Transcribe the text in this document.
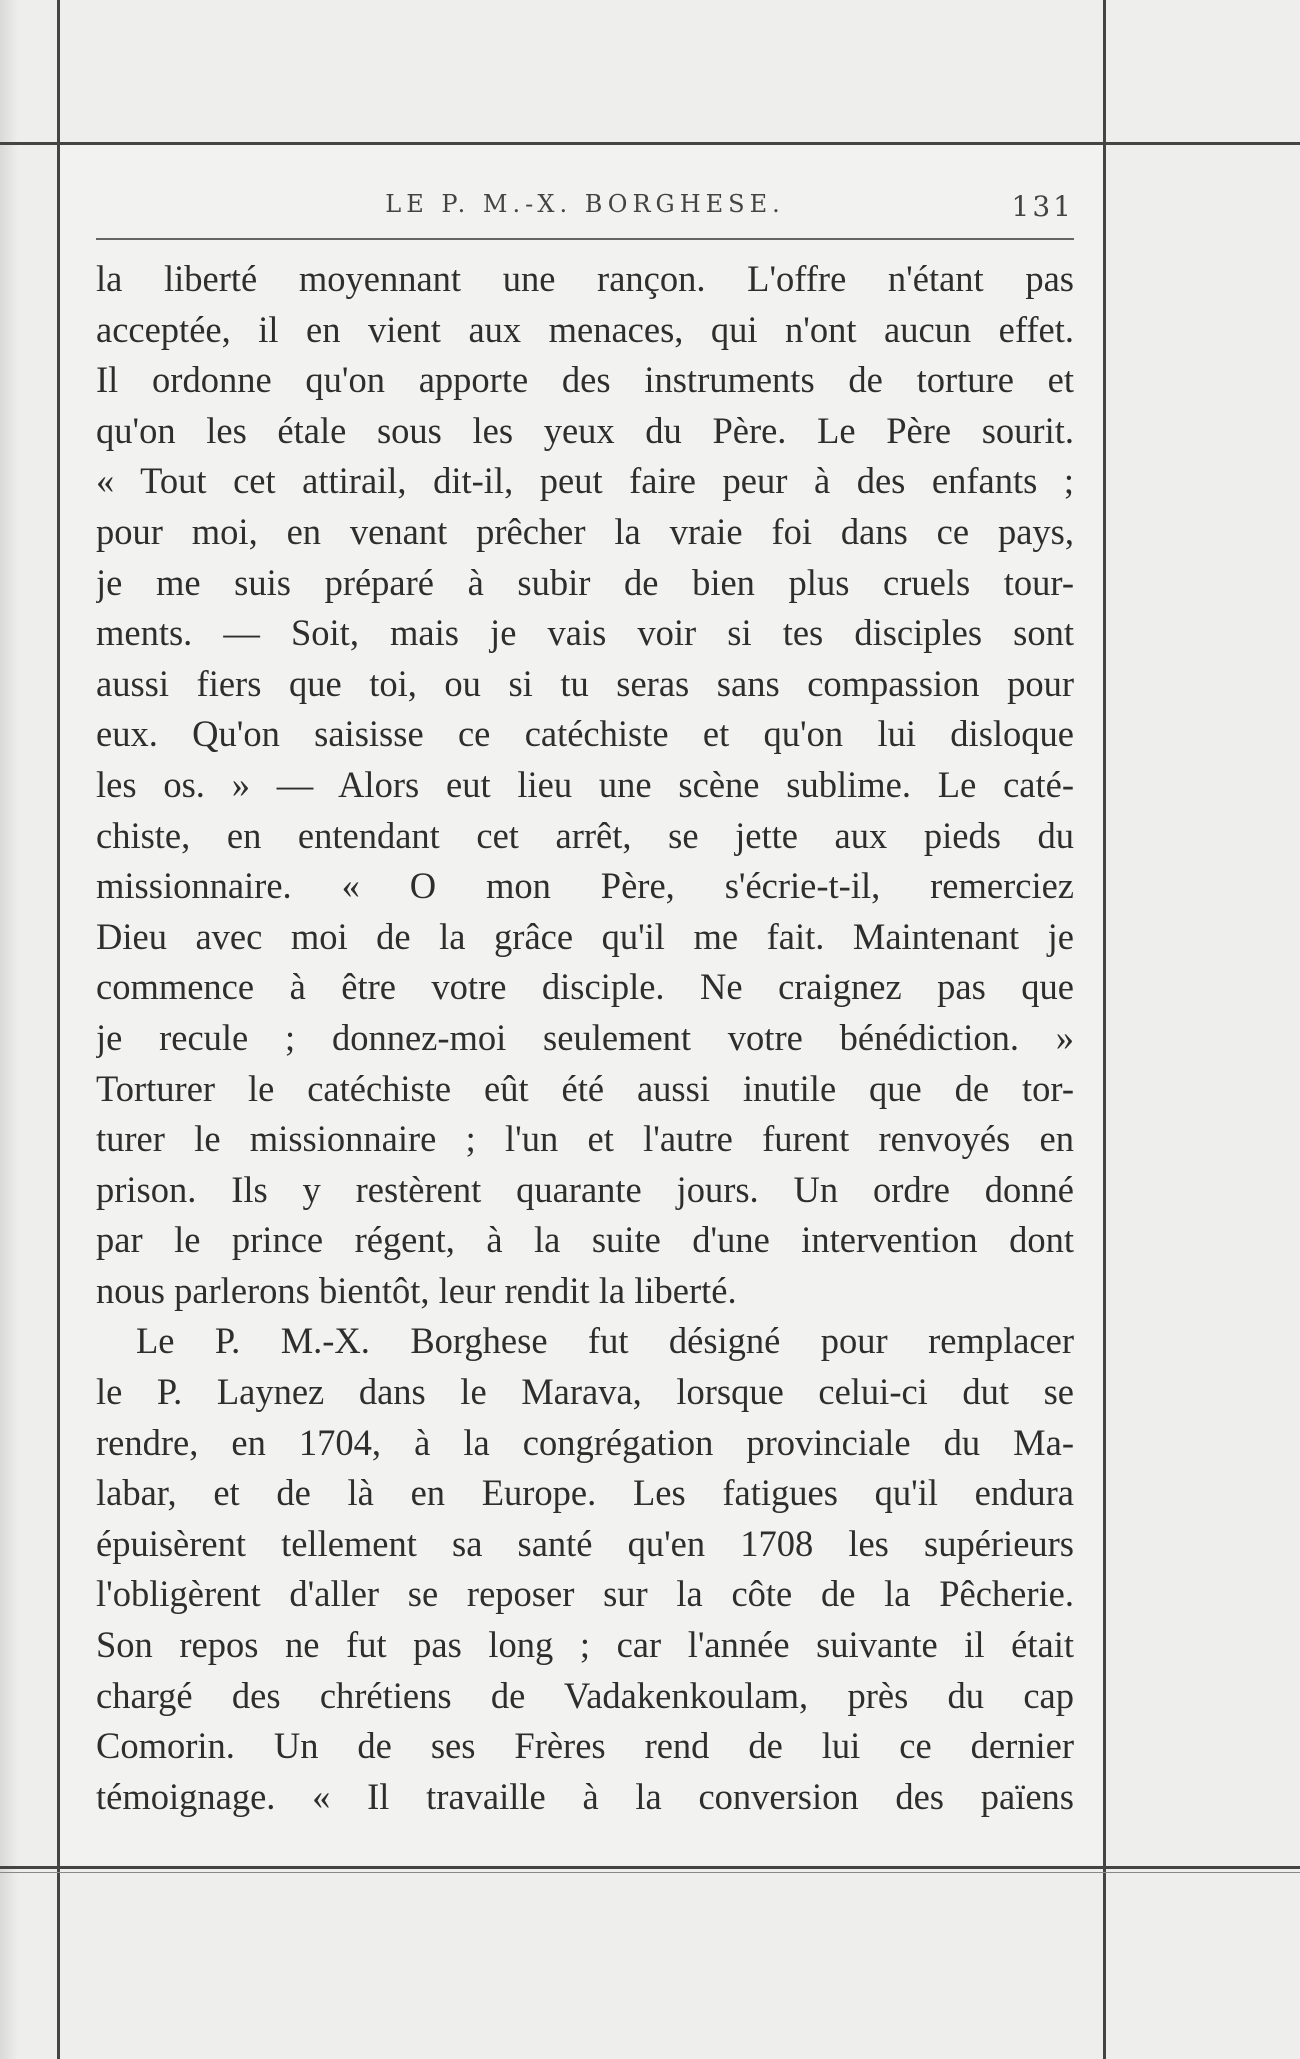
LE P. M.-X. BORGHESE.	131
la liberté moyennant une rançon. L'offre n'étant pas
acceptée, il en vient aux menaces, qui n'ont aucun effet.
Il ordonne qu'on apporte des instruments de torture et
qu'on les étale sous les yeux du Père. Le Père sourit.
« Tout cet attirail, dit-il, peut faire peur à des enfants ;
pour moi, en venant prêcher la vraie foi dans ce pays,
je me suis préparé à subir de bien plus cruels tour-
ments. — Soit, mais je vais voir si tes disciples sont
aussi fiers que toi, ou si tu seras sans compassion pour
eux. Qu'on saisisse ce catéchiste et qu'on lui disloque
les os. » — Alors eut lieu une scène sublime. Le caté-
chiste, en entendant cet arrêt, se jette aux pieds du
missionnaire. « O mon Père, s'écrie-t-il, remerciez
Dieu avec moi de la grâce qu'il me fait. Maintenant je
commence à être votre disciple. Ne craignez pas que
je recule ; donnez-moi seulement votre bénédiction. »
Torturer le catéchiste eût été aussi inutile que de tor-
turer le missionnaire ; l'un et l'autre furent renvoyés en
prison. Ils y restèrent quarante jours. Un ordre donné
par le prince régent, à la suite d'une intervention dont
nous parlerons bientôt, leur rendit la liberté.
Le P. M.-X. Borghese fut désigné pour remplacer
le P. Laynez dans le Marava, lorsque celui-ci dut se
rendre, en 1704, à la congrégation provinciale du Ma-
labar, et de là en Europe. Les fatigues qu'il endura
épuisèrent tellement sa santé qu'en 1708 les supérieurs
l'obligèrent d'aller se reposer sur la côte de la Pêcherie.
Son repos ne fut pas long ; car l'année suivante il était
chargé des chrétiens de Vadakenkoulam, près du cap
Comorin. Un de ses Frères rend de lui ce dernier
témoignage. « Il travaille à la conversion des païens
